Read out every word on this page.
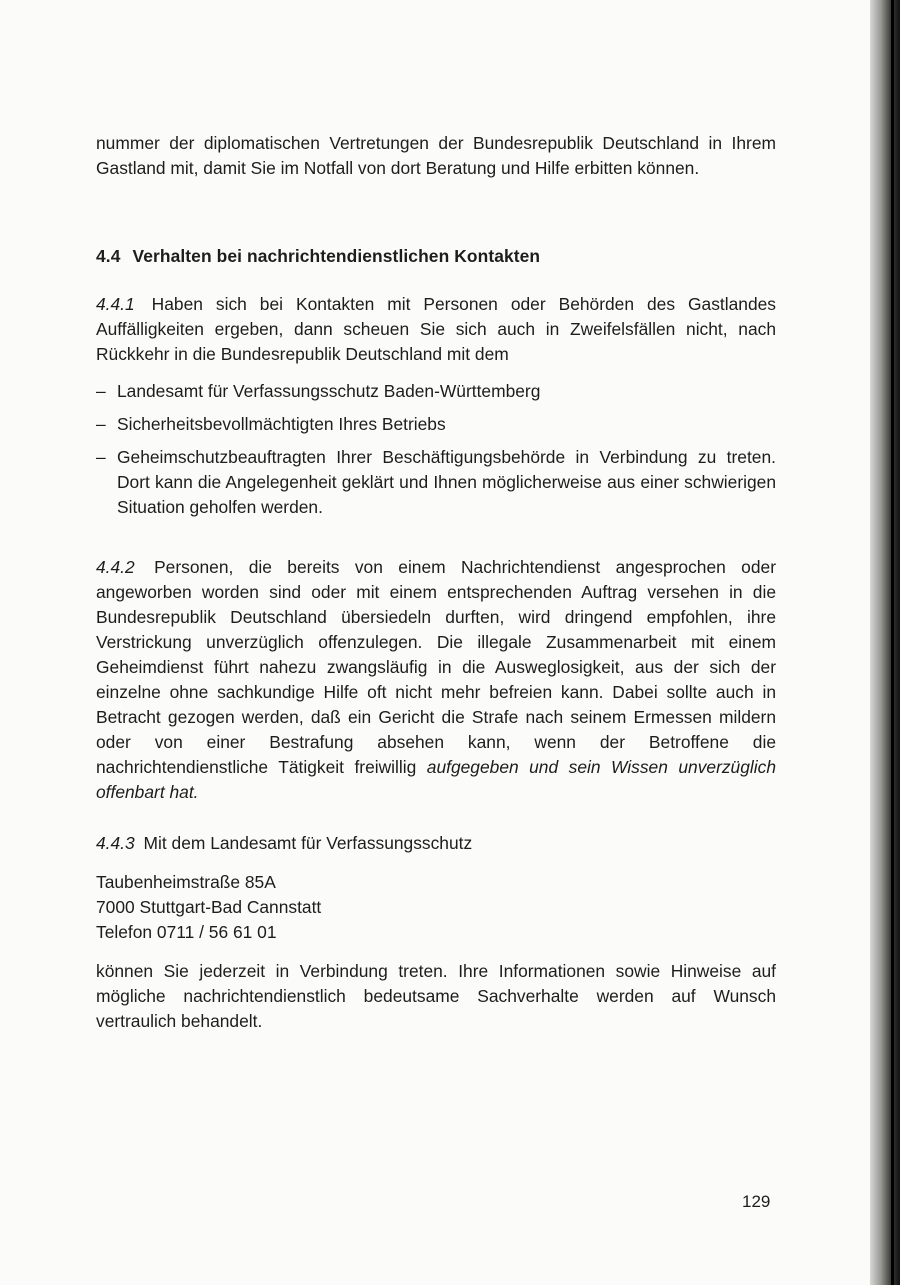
nummer der diplomatischen Vertretungen der Bundesrepublik Deutschland in Ihrem Gastland mit, damit Sie im Notfall von dort Beratung und Hilfe erbitten können.

4.4 Verhalten bei nachrichtendienstlichen Kontakten

4.4.1 Haben sich bei Kontakten mit Personen oder Behörden des Gastlandes Auffälligkeiten ergeben, dann scheuen Sie sich auch in Zweifelsfällen nicht, nach Rückkehr in die Bundesrepublik Deutschland mit dem

– Landesamt für Verfassungsschutz Baden-Württemberg
– Sicherheitsbevollmächtigten Ihres Betriebs
– Geheimschutzbeauftragten Ihrer Beschäftigungsbehörde in Verbindung zu treten. Dort kann die Angelegenheit geklärt und Ihnen möglicherweise aus einer schwierigen Situation geholfen werden.

4.4.2 Personen, die bereits von einem Nachrichtendienst angesprochen oder angeworben worden sind oder mit einem entsprechenden Auftrag versehen in die Bundesrepublik Deutschland übersiedeln durften, wird dringend empfohlen, ihre Verstrickung unverzüglich offenzulegen. Die illegale Zusammenarbeit mit einem Geheimdienst führt nahezu zwangsläufig in die Ausweglosigkeit, aus der sich der einzelne ohne sachkundige Hilfe oft nicht mehr befreien kann. Dabei sollte auch in Betracht gezogen werden, daß ein Gericht die Strafe nach seinem Ermessen mildern oder von einer Bestrafung absehen kann, wenn der Betroffene die nachrichtendienstliche Tätigkeit freiwillig aufgegeben und sein Wissen unverzüglich offenbart hat.

4.4.3 Mit dem Landesamt für Verfassungsschutz

Taubenheimstraße 85A
7000 Stuttgart-Bad Cannstatt
Telefon 0711 / 56 61 01

können Sie jederzeit in Verbindung treten. Ihre Informationen sowie Hinweise auf mögliche nachrichtendienstlich bedeutsame Sachverhalte werden auf Wunsch vertraulich behandelt.

129
